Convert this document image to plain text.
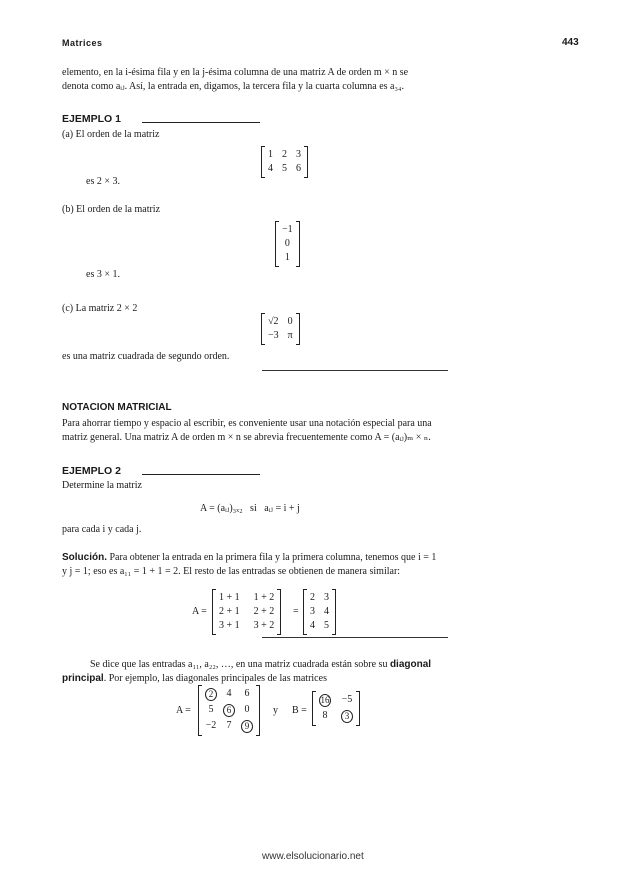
Matrices	443
elemento, en la i-ésima fila y en la j-ésima columna de una matriz A de orden m × n se
denota como aᵢⱼ. Así, la entrada en, digamos, la tercera fila y la cuarta columna es a₃₄.
EJEMPLO 1
(a) El orden de la matriz
1 2 3
4 5 6
es 2 × 3.
(b) El orden de la matriz
−1
0
1
es 3 × 1.
(c) La matriz 2 × 2
√2 0
−3 π
es una matriz cuadrada de segundo orden.
NOTACION MATRICIAL
Para ahorrar tiempo y espacio al escribir, es conveniente usar una notación especial para una
matriz general. Una matriz A de orden m × n se abrevia frecuentemente como A = (aᵢⱼ)ₘ × ₙ.
EJEMPLO 2
Determine la matriz
A = (aᵢⱼ)₃ₓ₂   si   aᵢⱼ = i + j
para cada i y cada j.
Solución. Para obtener la entrada en la primera fila y la primera columna, tenemos que i = 1
y j = 1; eso es a₁₁ = 1 + 1 = 2. El resto de las entradas se obtienen de manera similar:
A =
1 + 1 1 + 2
2 + 1 2 + 2
3 + 1 3 + 2
=
2 3
3 4
4 5
Se dice que las entradas a₁₁, a₂₂, …, en una matriz cuadrada están sobre su diagonal
principal. Por ejemplo, las diagonales principales de las matrices
A =
2	4	6
5	6	0
−2	7	9
y B =
16 −5
8	3
www.elsolucionario.net
